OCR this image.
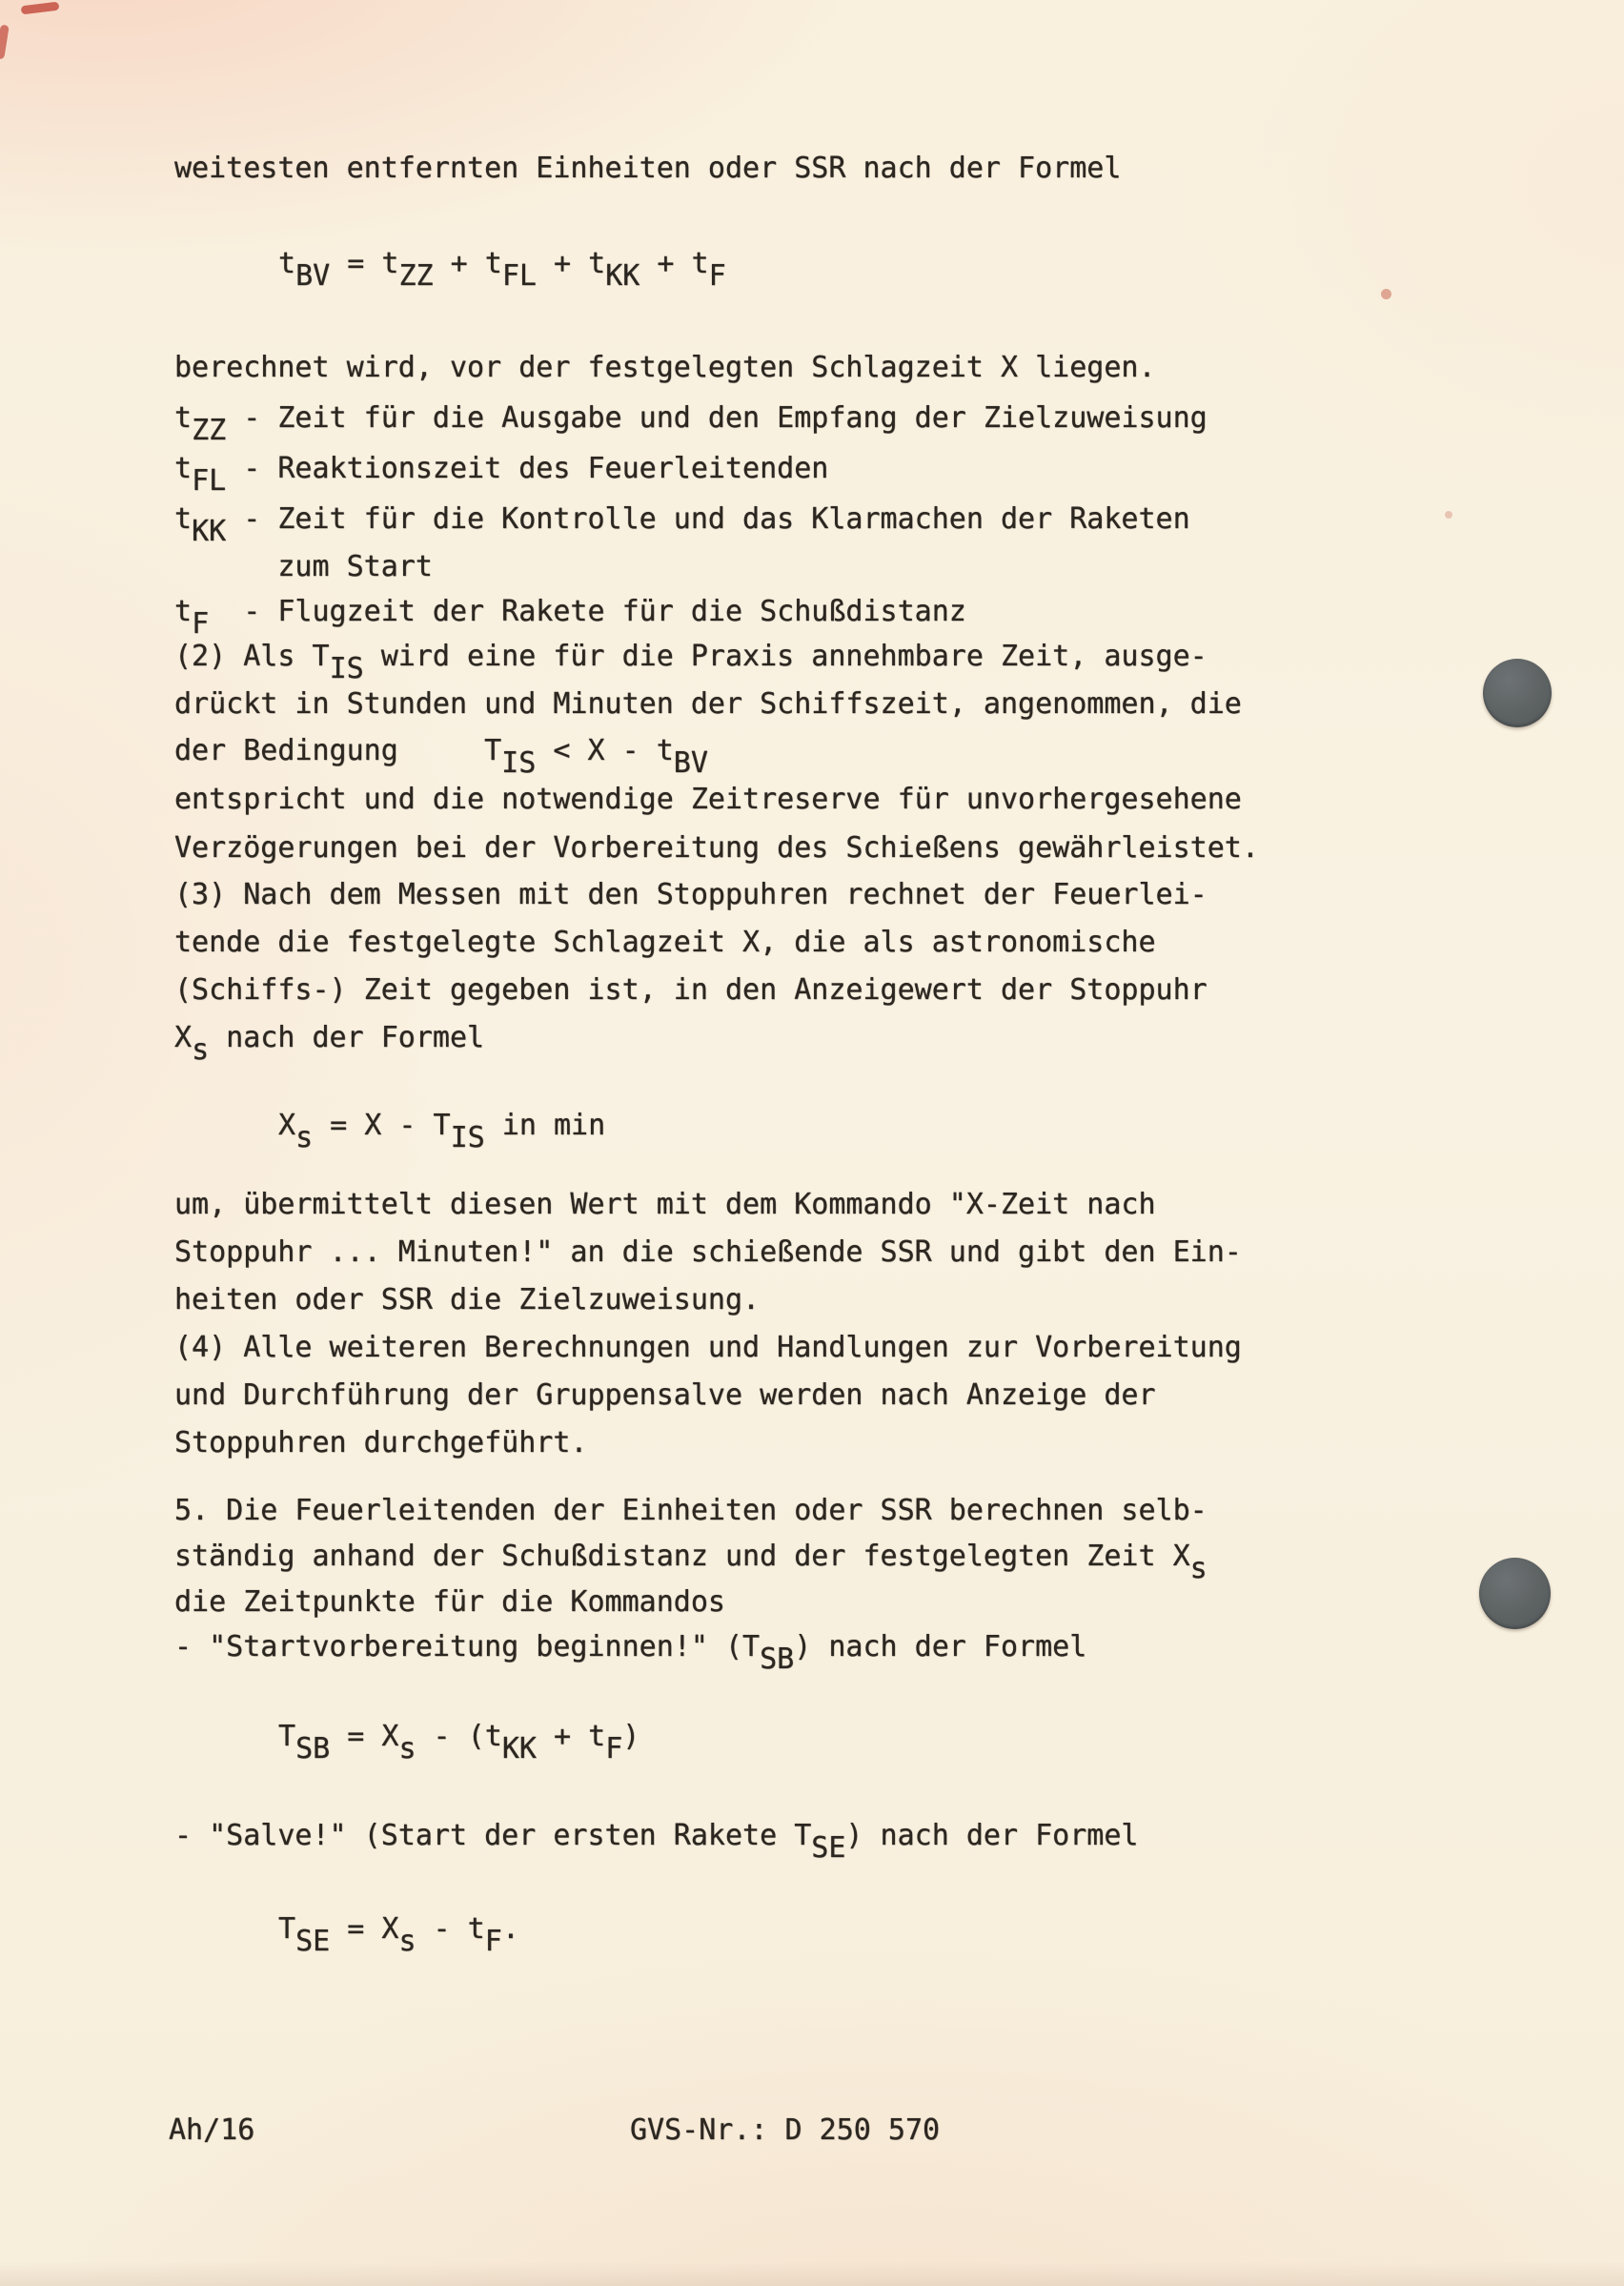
weitesten entfernten Einheiten oder SSR nach der Formel
tBV = tZZ + tFL + tKK + tF
berechnet wird, vor der festgelegten Schlagzeit X liegen.
tZZ - Zeit für die Ausgabe und den Empfang der Zielzuweisung
tFL - Reaktionszeit des Feuerleitenden
tKK - Zeit für die Kontrolle und das Klarmachen der Raketen
zum Start
tF  - Flugzeit der Rakete für die Schußdistanz
(2) Als TIS wird eine für die Praxis annehmbare Zeit, ausge-
drückt in Stunden und Minuten der Schiffszeit, angenommen, die
der Bedingung     TIS < X - tBV
entspricht und die notwendige Zeitreserve für unvorhergesehene
Verzögerungen bei der Vorbereitung des Schießens gewährleistet.
(3) Nach dem Messen mit den Stoppuhren rechnet der Feuerlei-
tende die festgelegte Schlagzeit X, die als astronomische
(Schiffs-) Zeit gegeben ist, in den Anzeigewert der Stoppuhr
Xs nach der Formel
Xs = X - TIS in min
um, übermittelt diesen Wert mit dem Kommando "X-Zeit nach
Stoppuhr ... Minuten!" an die schießende SSR und gibt den Ein-
heiten oder SSR die Zielzuweisung.
(4) Alle weiteren Berechnungen und Handlungen zur Vorbereitung
und Durchführung der Gruppensalve werden nach Anzeige der
Stoppuhren durchgeführt.
5. Die Feuerleitenden der Einheiten oder SSR berechnen selb-
ständig anhand der Schußdistanz und der festgelegten Zeit Xs
die Zeitpunkte für die Kommandos
- "Startvorbereitung beginnen!" (TSB) nach der Formel
TSB = Xs - (tKK + tF)
- "Salve!" (Start der ersten Rakete TSE) nach der Formel
TSE = Xs - tF.
Ah/16	GVS-Nr.: D 250 570
